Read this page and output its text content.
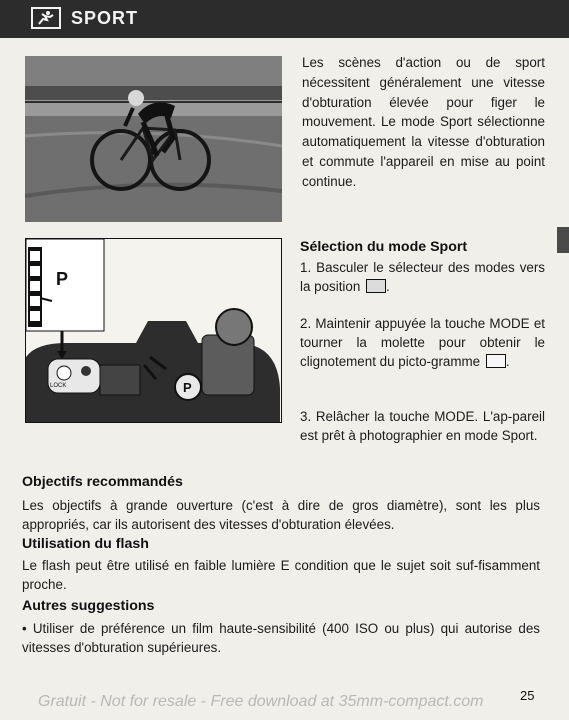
SPORT
P
LOCK
P

Les scènes d'action ou de sport nécessitent généralement une vitesse d'obturation élevée pour figer le mouvement. Le mode Sport sélectionne automatiquement la vitesse d'obturation et commute l'appareil en mise au point continue.
Sélection du mode Sport
1. Basculer le sélecteur des modes vers la position .
2. Maintenir appuyée la touche MODE et tourner la molette pour obtenir le clignotement du picto-gramme .
3. Relâcher la touche MODE. L'ap-pareil est prêt à photographier en mode Sport.
Objectifs recommandés
Les objectifs à grande ouverture (c'est à dire de gros diamètre), sont les plus appropriés, car ils autorisent des vitesses d'obturation élevées.
Utilisation du flash
Le flash peut être utilisé en faible lumière E condition que le sujet soit suf-fisamment proche.
Autres suggestions
• Utiliser de préférence un film haute-sensibilité (400 ISO ou plus) qui autorise des vitesses d'obturation supérieures.
Gratuit - Not for resale - Free download at 35mm-compact.com	25
